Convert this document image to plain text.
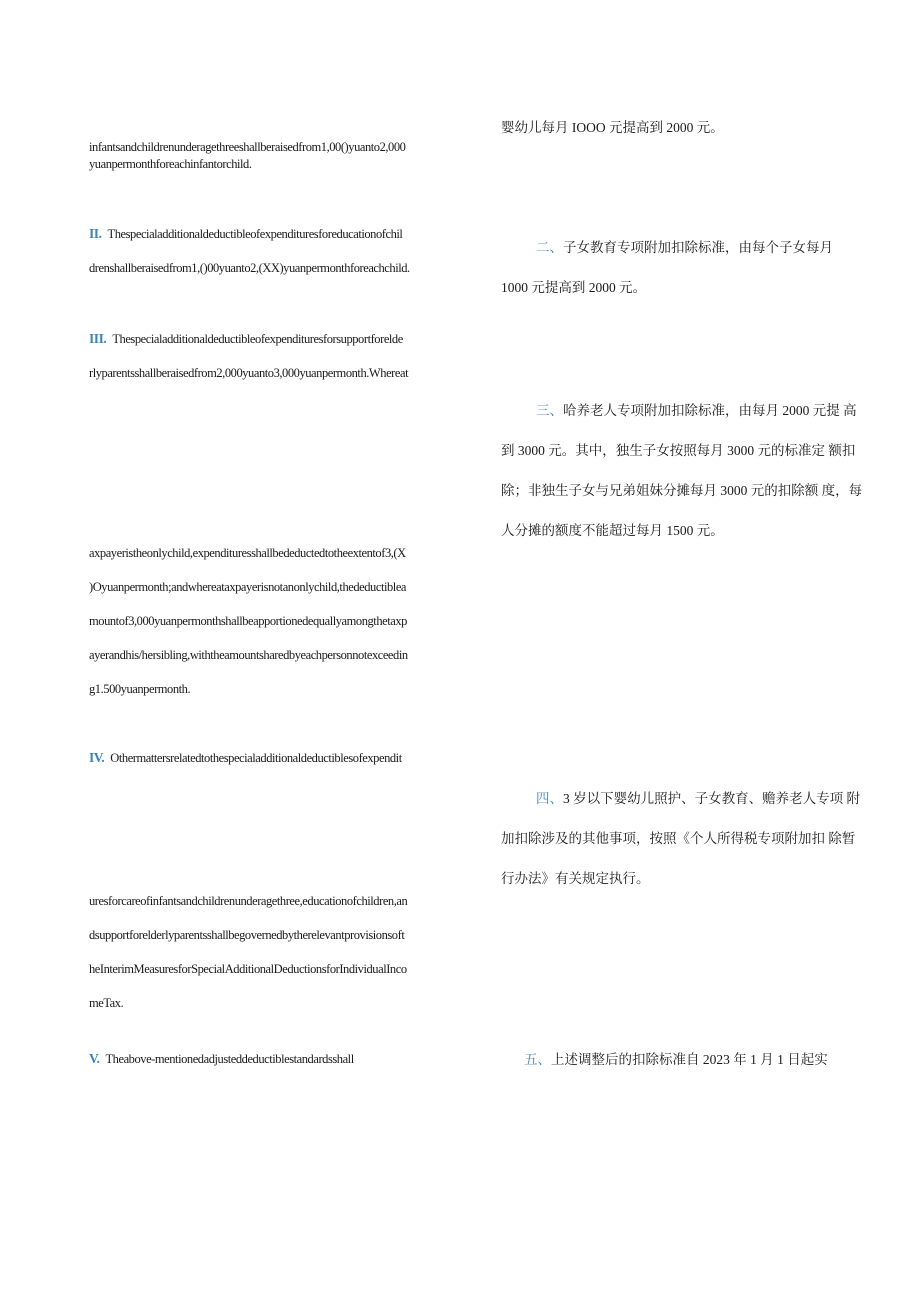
infantsandchildrenunderagethreeshallberaisedfrom1,00()yuanto2,000
yuanpermonthforeachinfantorchild.
II. Thespecialadditionaldeductibleofexpendituresforeducationofchil
drenshallberaisedfrom1,()00yuanto2,(XX)yuanpermonthforeachchild.
III. Thespecialadditionaldeductibleofexpendituresforsupportforelde
rlyparentsshallberaisedfrom2,000yuanto3,000yuanpermonth.Whereat
axpayeristheonlychild,expendituresshallbedeductedtotheextentof3,(X
)Oyuanpermonth;andwhereataxpayerisnotanonlychild,thedeductiblea
mountof3,000yuanpermonthshallbeapportionedequallyamongthetaxp
ayerandhis/hersibling,withtheamountsharedbyeachpersonnotexceedin
g1.500yuanpermonth.
IV. Othermattersrelatedtothespecialadditionaldeductiblesofexpendit
uresforcareofinfantsandchildrenunderagethree,educationofchildren,an
dsupportforelderlyparentsshallbegovernedbytherelevantprovisionsoft
heInterimMeasuresforSpecialAdditionalDeductionsforIndividualInco
meTax.
V. Theabove-mentionedadjusteddeductiblestandardsshall
婴幼儿每月 IOOO 元提高到 2000 元。
二、子女教育专项附加扣除标准，由每个子女每月
1000 元提高到 2000 元。
三、哈养老人专项附加扣除标准，由每月 2000 元提 高
到 3000 元。其中，独生子女按照每月 3000 元的标准定 额扣
除；非独生子女与兄弟姐妹分摊每月 3000 元的扣除额 度，每
人分摊的额度不能超过每月 1500 元。
四、3 岁以下婴幼儿照护、子女教育、赡养老人专项 附
加扣除涉及的其他事项，按照《个人所得税专项附加扣 除暂
行办法》有关规定执行。
五、上述调整后的扣除标准自 2023 年 1 月 1 日起实
